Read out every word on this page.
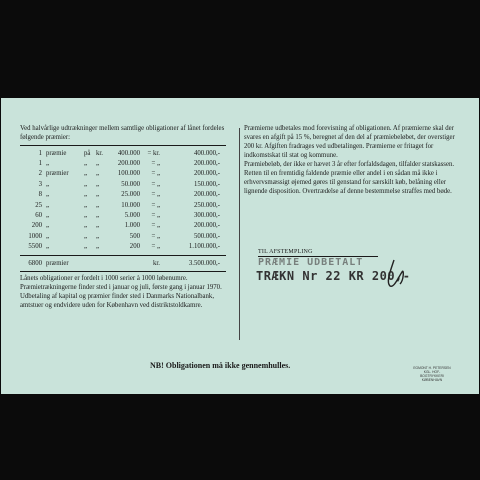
Ved halvårlige udtrækninger mellem samtlige obligationer af lånet fordeles følgende præmier:

1 præmie	på kr.	400.000	= kr.	400.000,-
1 „	„	„	200.000	= „	200.000,-
2 præmier	„	„	100.000	= „	200.000,-
3 „	„	„	50.000	= „	150.000,-
8 „	„	„	25.000	= „	200.000,-
25 „	„	„	10.000	= „	250.000,-
60 „	„	„	5.000	= „	300.000,-
200 „	„	„	1.000	= „	200.000,-
1000 „	„	„	500	= „	500.000,-
5500 „	„	„	200	= „	1.100.000,-
6800 præmier	kr.	3.500.000,-

Lånets obligationer er fordelt i 1000 serier à 1000 løbenumre. Præmietrækningerne finder sted i januar og juli, første gang i januar 1970.

Udbetaling af kapital og præmier finder sted i Danmarks Nationalbank, amtstuer og endvidere uden for København ved distriktstoldkamre.

Præmierne udbetales mod forevisning af obligationen. Af præmierne skal der svares en afgift på 15 %, beregnet af den del af præmiebeløbet, der overstiger 200 kr. Afgiften fradrages ved udbetalingen. Præmierne er fritaget for indkomstskat til stat og kommune.
Præmiebeløb, der ikke er hævet 3 år efter forfaldsdagen, tilfalder statskassen.
Retten til en fremtidig faldende præmie eller andel i en sådan må ikke i erhvervsmæssigt øjemed gøres til genstand for særskilt køb, belåning eller lignende disposition. Overtrædelse af denne bestemmelse straffes med bøde.

TIL AFSTEMPLING
PRÆMIE UDBETALT
TRÆKN Nr 22 KR 200,-
NB! Obligationen må ikke gennemhulles.	EGMONT H. PETERSEN
KGL. HOF-BOGTRYKKERI
KØBENHAVN
